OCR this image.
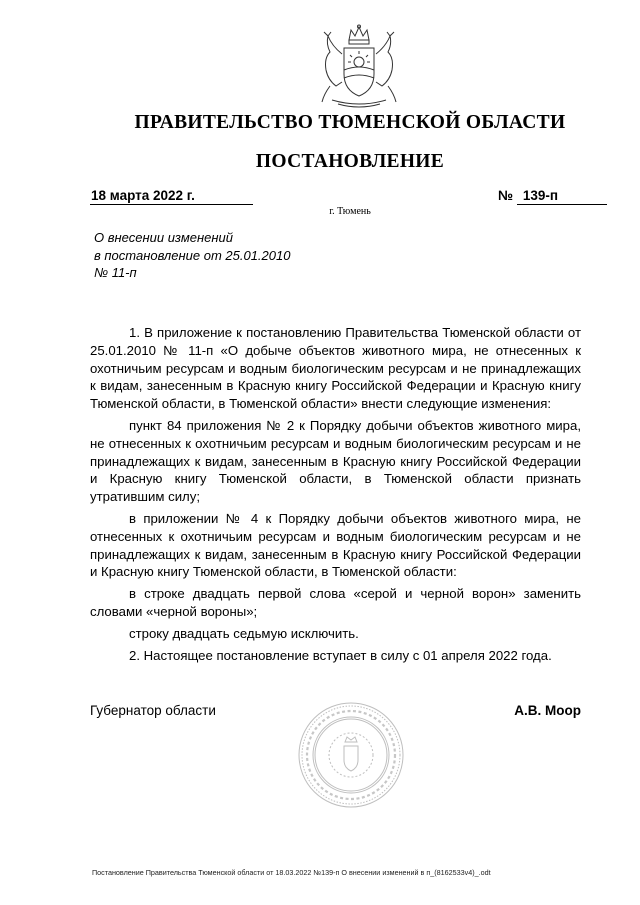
ПРАВИТЕЛЬСТВО ТЮМЕНСКОЙ ОБЛАСТИ
ПОСТАНОВЛЕНИЕ
18 марта 2022 г.	№ 139-п
г. Тюмень
О внесении изменений
в постановление от 25.01.2010
№ 11-п

1. В приложение к постановлению Правительства Тюменской области от 25.01.2010 № 11-п «О добыче объектов животного мира, не отнесенных к охотничьим ресурсам и водным биологическим ресурсам и не принадлежащих к видам, занесенным в Красную книгу Российской Федерации и Красную книгу Тюменской области, в Тюменской области» внести следующие изменения:

пункт 84 приложения № 2 к Порядку добычи объектов животного мира, не отнесенных к охотничьим ресурсам и водным биологическим ресурсам и не принадлежащих к видам, занесенным в Красную книгу Российской Федерации и Красную книгу Тюменской области, в Тюменской области признать утратившим силу;

в приложении № 4 к Порядку добычи объектов животного мира, не отнесенных к охотничьим ресурсам и водным биологическим ресурсам и не принадлежащих к видам, занесенным в Красную книгу Российской Федерации и Красную книгу Тюменской области, в Тюменской области:

в строке двадцать первой слова «серой и черной ворон» заменить словами «черной вороны»;

строку двадцать седьмую исключить.

2. Настоящее постановление вступает в силу с 01 апреля 2022 года.

Губернатор области	А.В. Моор
Постановление Правительства Тюменской области от 18.03.2022 №139-п О внесении изменений в п_(8162533v4)_.odt
